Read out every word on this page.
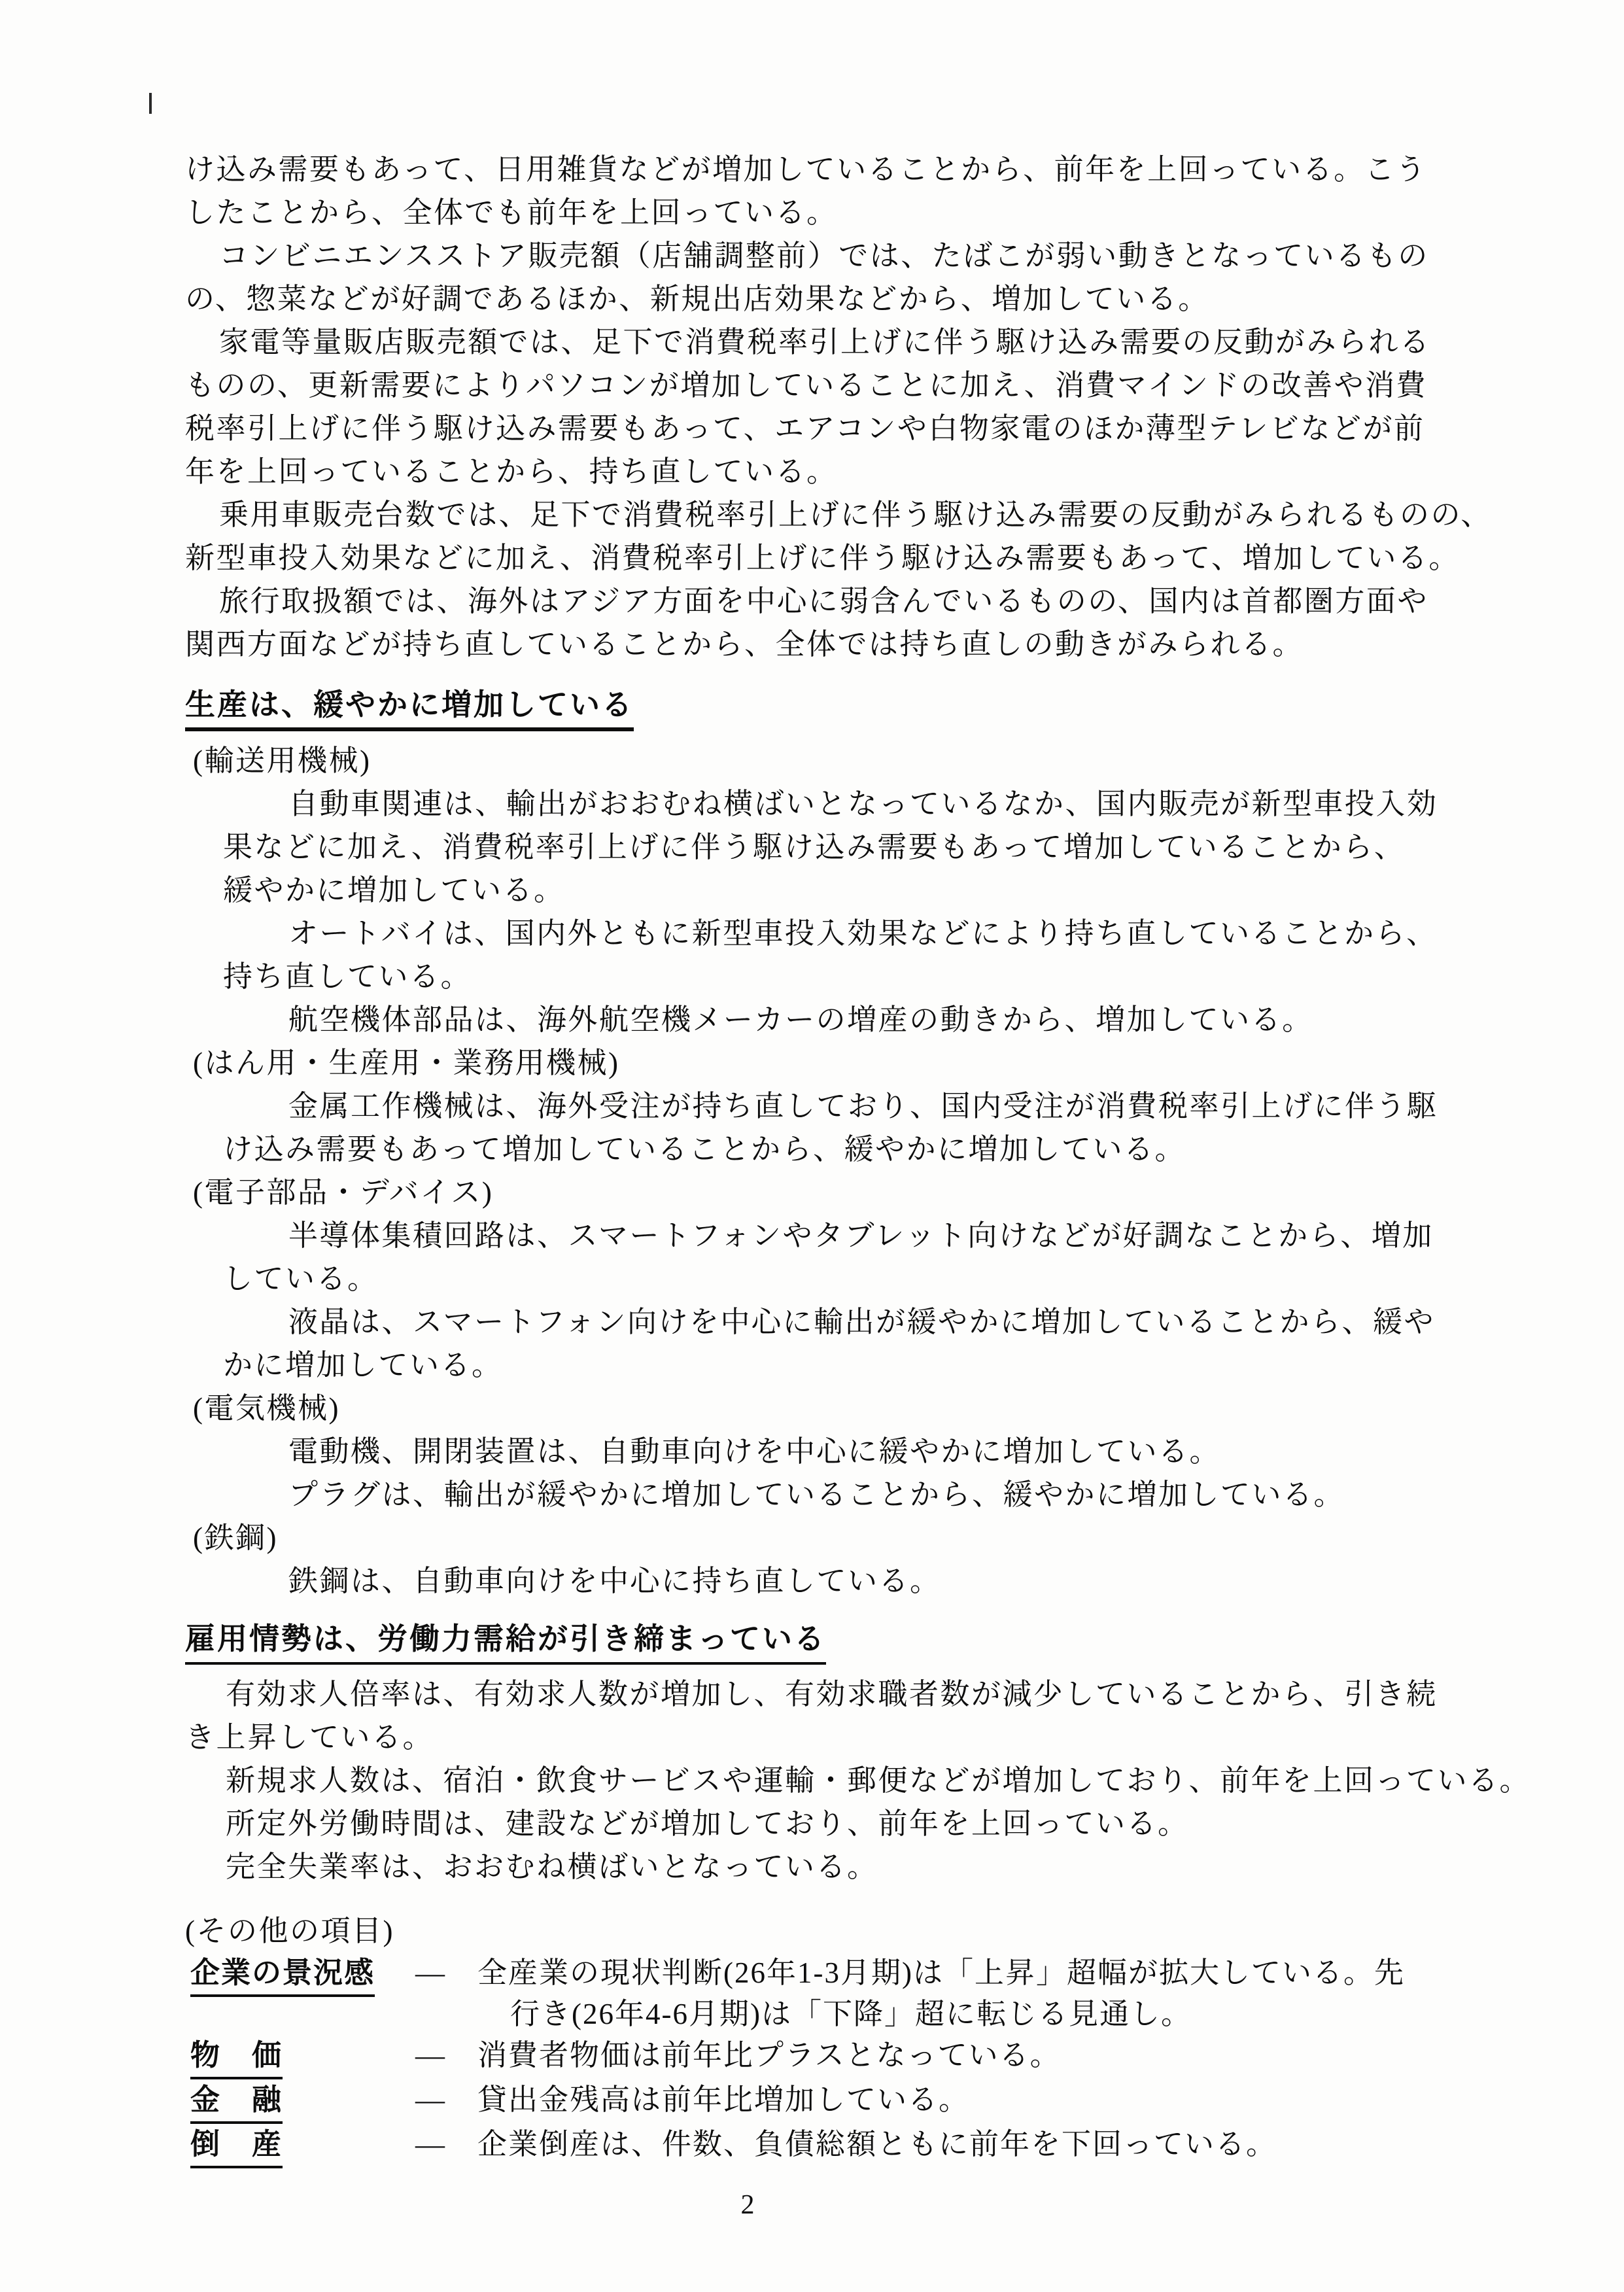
け込み需要もあって、日用雑貨などが増加していることから、前年を上回っている。こう
したことから、全体でも前年を上回っている。
コンビニエンスストア販売額（店舗調整前）では、たばこが弱い動きとなっているもの
の、惣菜などが好調であるほか、新規出店効果などから、増加している。
家電等量販店販売額では、足下で消費税率引上げに伴う駆け込み需要の反動がみられる
ものの、更新需要によりパソコンが増加していることに加え、消費マインドの改善や消費
税率引上げに伴う駆け込み需要もあって、エアコンや白物家電のほか薄型テレビなどが前
年を上回っていることから、持ち直している。
乗用車販売台数では、足下で消費税率引上げに伴う駆け込み需要の反動がみられるものの、
新型車投入効果などに加え、消費税率引上げに伴う駆け込み需要もあって、増加している。
旅行取扱額では、海外はアジア方面を中心に弱含んでいるものの、国内は首都圏方面や
関西方面などが持ち直していることから、全体では持ち直しの動きがみられる。
生産は、緩やかに増加している
(輸送用機械)
自動車関連は、輸出がおおむね横ばいとなっているなか、国内販売が新型車投入効
果などに加え、消費税率引上げに伴う駆け込み需要もあって増加していることから、
緩やかに増加している。
オートバイは、国内外ともに新型車投入効果などにより持ち直していることから、
持ち直している。
航空機体部品は、海外航空機メーカーの増産の動きから、増加している。
(はん用・生産用・業務用機械)
金属工作機械は、海外受注が持ち直しており、国内受注が消費税率引上げに伴う駆
け込み需要もあって増加していることから、緩やかに増加している。
(電子部品・デバイス)
半導体集積回路は、スマートフォンやタブレット向けなどが好調なことから、増加
している。
液晶は、スマートフォン向けを中心に輸出が緩やかに増加していることから、緩や
かに増加している。
(電気機械)
電動機、開閉装置は、自動車向けを中心に緩やかに増加している。
プラグは、輸出が緩やかに増加していることから、緩やかに増加している。
(鉄鋼)
鉄鋼は、自動車向けを中心に持ち直している。
雇用情勢は、労働力需給が引き締まっている
有効求人倍率は、有効求人数が増加し、有効求職者数が減少していることから、引き続
き上昇している。
新規求人数は、宿泊・飲食サービスや運輸・郵便などが増加しており、前年を上回っている。
所定外労働時間は、建設などが増加しており、前年を上回っている。
完全失業率は、おおむね横ばいとなっている。
(その他の項目)
企業の景況感	―	全産業の現状判断(26年1-3月期)は「上昇」超幅が拡大している。先
行き(26年4-6月期)は「下降」超に転じる見通し。
物　価	―	消費者物価は前年比プラスとなっている。
金　融	―	貸出金残高は前年比増加している。
倒　産	―	企業倒産は、件数、負債総額ともに前年を下回っている。
2
